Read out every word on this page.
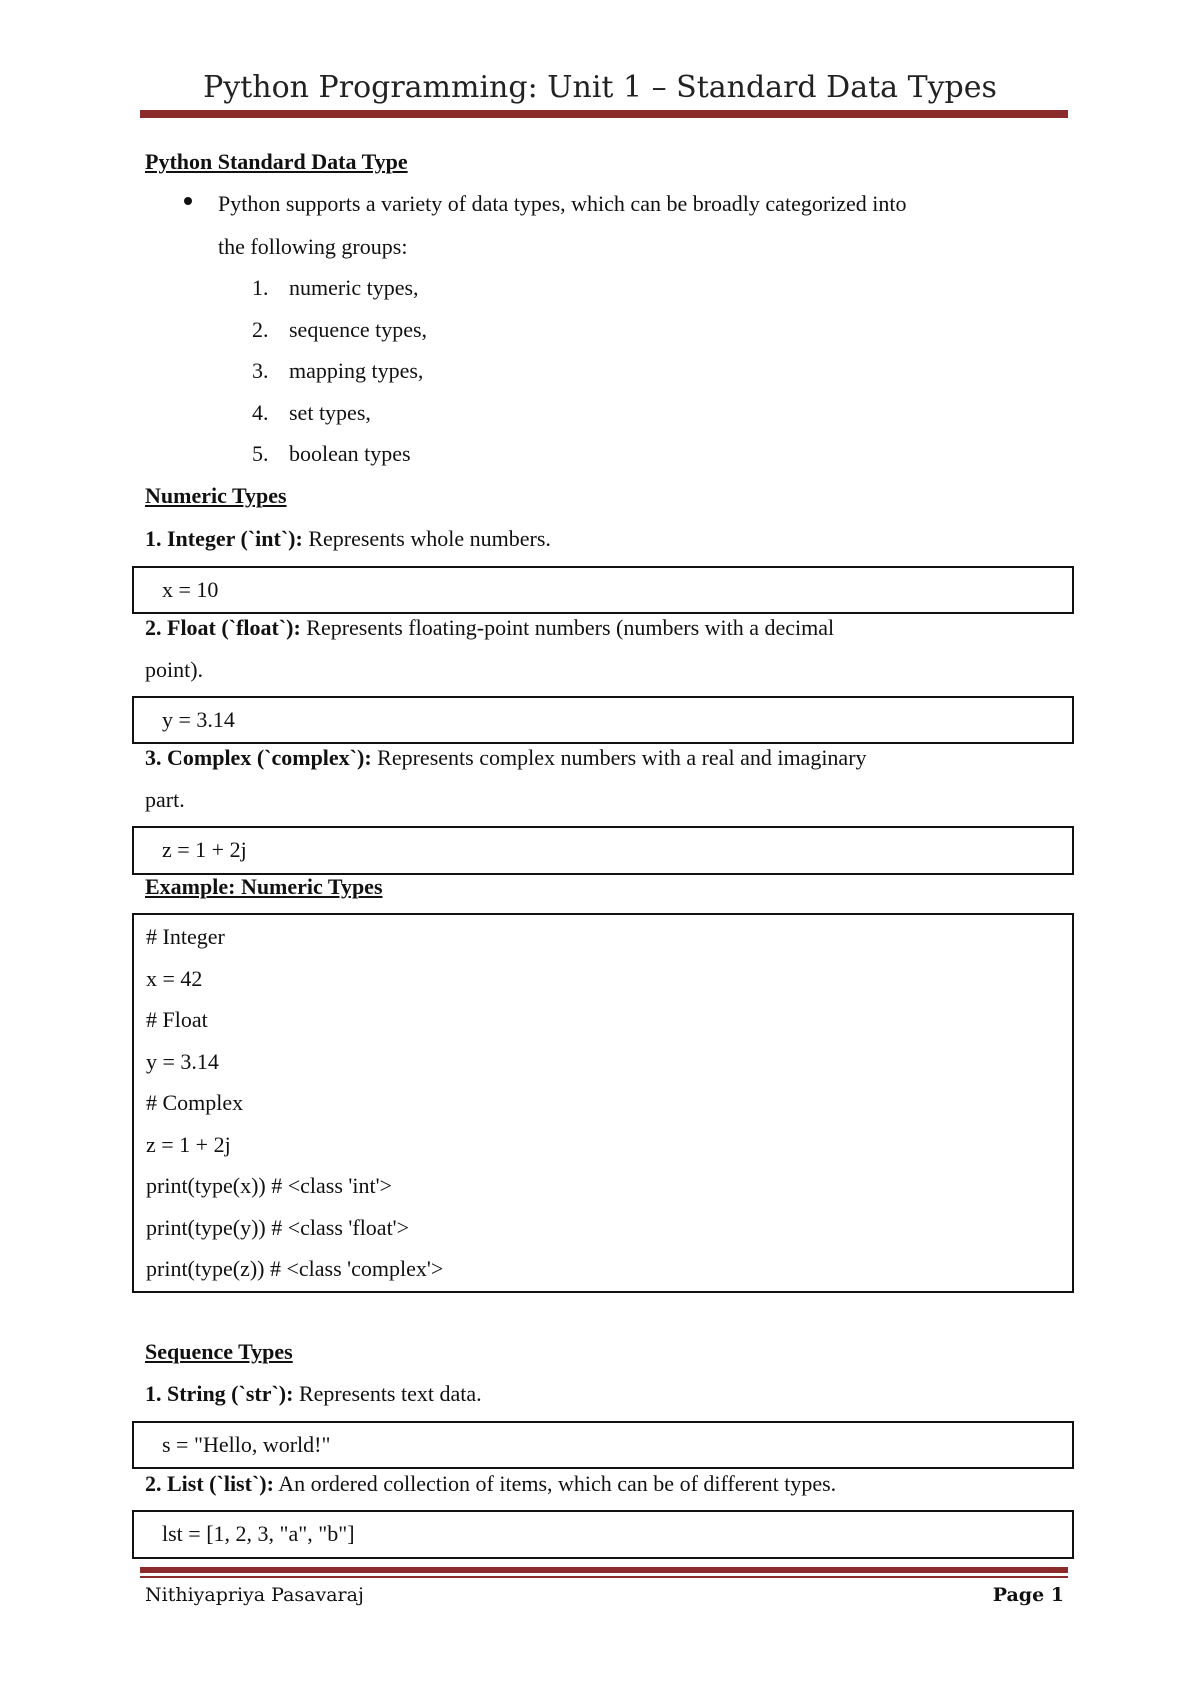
Python Programming: Unit 1 – Standard Data Types
Python Standard Data Type
Python supports a variety of data types, which can be broadly categorized into
the following groups:
1. numeric types,
2. sequence types,
3. mapping types,
4. set types,
5. boolean types
Numeric Types
1. Integer (`int`): Represents whole numbers.
x = 10
2. Float (`float`): Represents floating-point numbers (numbers with a decimal
point).
y = 3.14
3. Complex (`complex`): Represents complex numbers with a real and imaginary
part.
z = 1 + 2j
Example: Numeric Types
# Integer
x = 42
# Float
y = 3.14
# Complex
z = 1 + 2j
print(type(x)) # <class 'int'>
print(type(y)) # <class 'float'>
print(type(z)) # <class 'complex'>
Sequence Types
1. String (`str`): Represents text data.
s = "Hello, world!"
2. List (`list`): An ordered collection of items, which can be of different types.
lst = [1, 2, 3, "a", "b"]
Nithiyapriya Pasavaraj	Page 1
